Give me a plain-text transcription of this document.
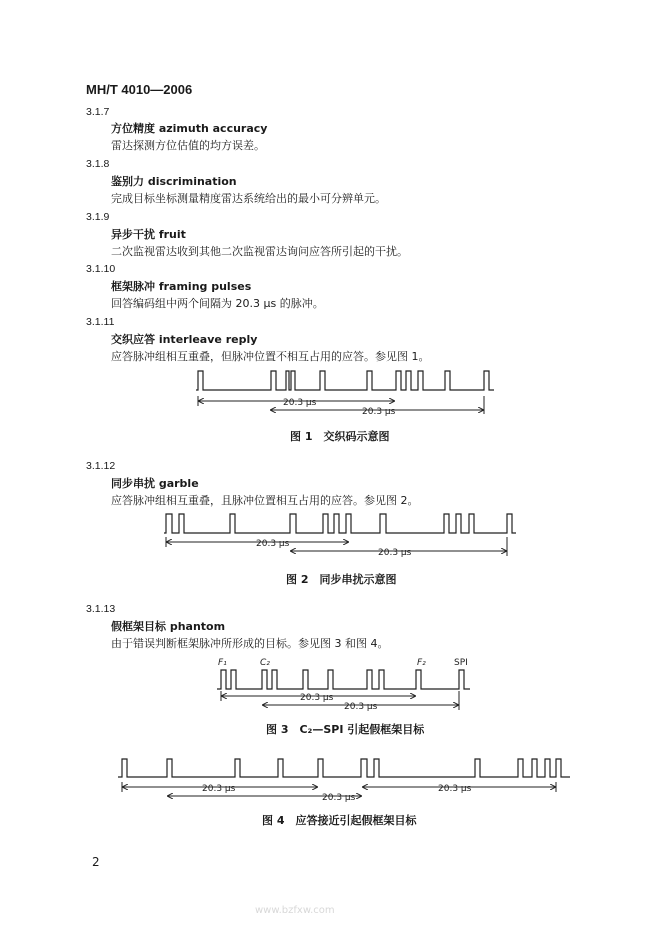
MH/T 4010—2006
3.1.7
方位精度 azimuth accuracy
雷达探测方位估值的均方误差。
3.1.8
鉴别力 discrimination
完成目标坐标测量精度雷达系统给出的最小可分辨单元。
3.1.9
异步干扰 fruit
二次监视雷达收到其他二次监视雷达询问应答所引起的干扰。
3.1.10
框架脉冲 framing pulses
回答编码组中两个间隔为 20.3 μs 的脉冲。
3.1.11
交织应答 interleave reply
应答脉冲组相互重叠，但脉冲位置不相互占用的应答。参见图 1。
3.1.12
同步串扰 garble
应答脉冲组相互重叠，且脉冲位置相互占用的应答。参见图 2。
3.1.13
假框架目标 phantom
由于错误判断框架脉冲所形成的目标。参见图 3 和图 4。
20.3 μs
20.3 μs
20.3 μs
20.3 μs
20.3 μs
20.3 μs
F₁	C₂	F₂	SPI
20.3 μs	20.3 μs
20.3 μs
图 1　交织码示意图
图 2　同步串扰示意图
图 3　C₂—SPI 引起假框架目标
图 4　应答接近引起假框架目标
2
www.bzfxw.com
